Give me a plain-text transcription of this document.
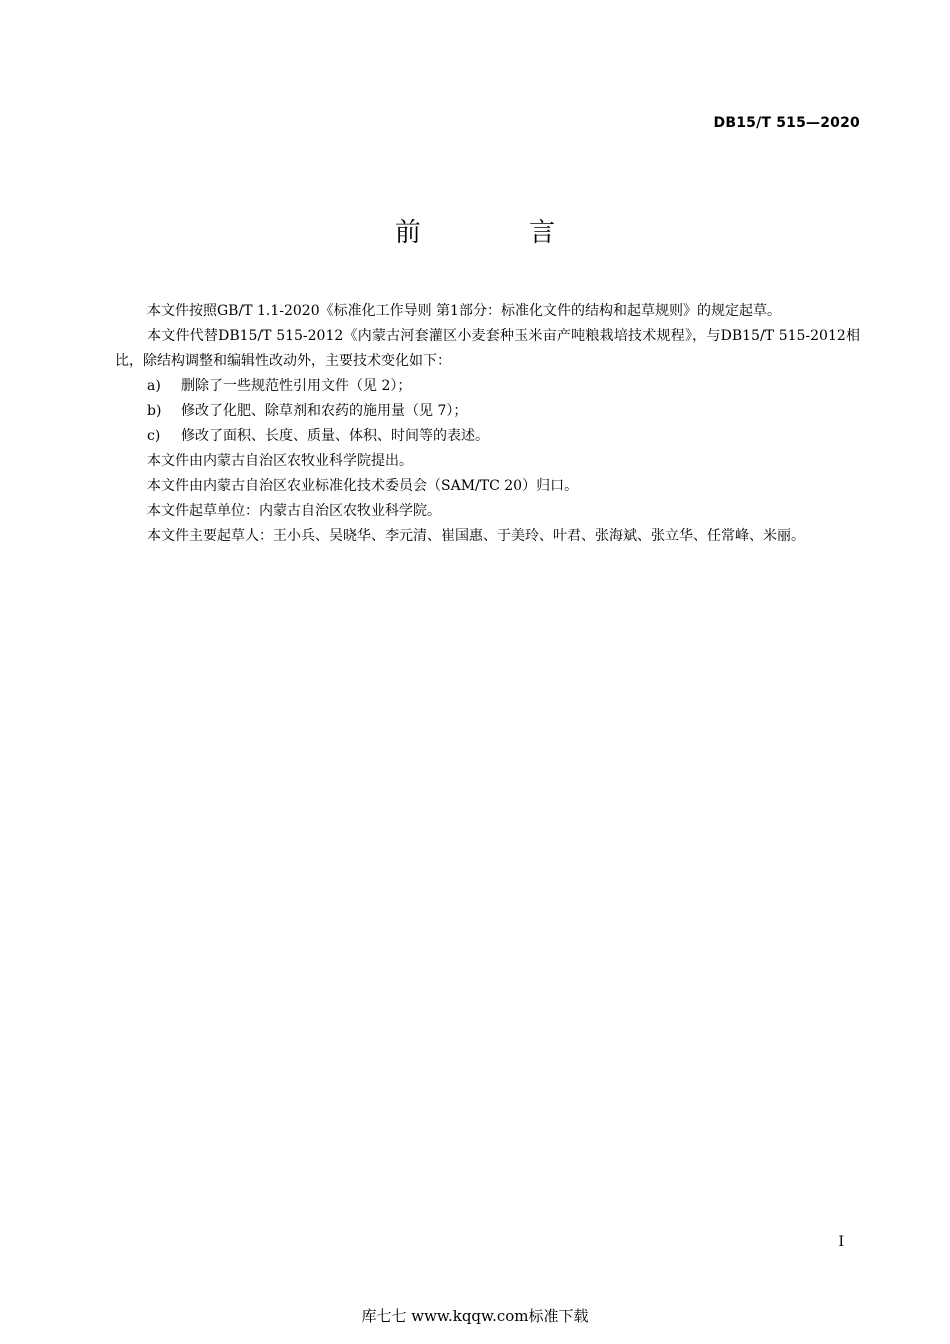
DB15/T 515—2020
前 言

本文件按照GB/T 1.1-2020《标准化工作导则 第1部分：标准化文件的结构和起草规则》的规定起草。

本文件代替DB15/T 515-2012《内蒙古河套灌区小麦套种玉米亩产吨粮栽培技术规程》，与DB15/T 515-2012相比，除结构调整和编辑性改动外，主要技术变化如下：

a)	删除了一些规范性引用文件（见 2）；
b)	修改了化肥、除草剂和农药的施用量（见 7）；
c)	修改了面积、长度、质量、体积、时间等的表述。

本文件由内蒙古自治区农牧业科学院提出。

本文件由内蒙古自治区农业标准化技术委员会（SAM/TC 20）归口。

本文件起草单位：内蒙古自治区农牧业科学院。

本文件主要起草人：王小兵、吴晓华、李元清、崔国惠、于美玲、叶君、张海斌、张立华、任常峰、米丽。

I
库七七 www.kqqw.com标准下载
